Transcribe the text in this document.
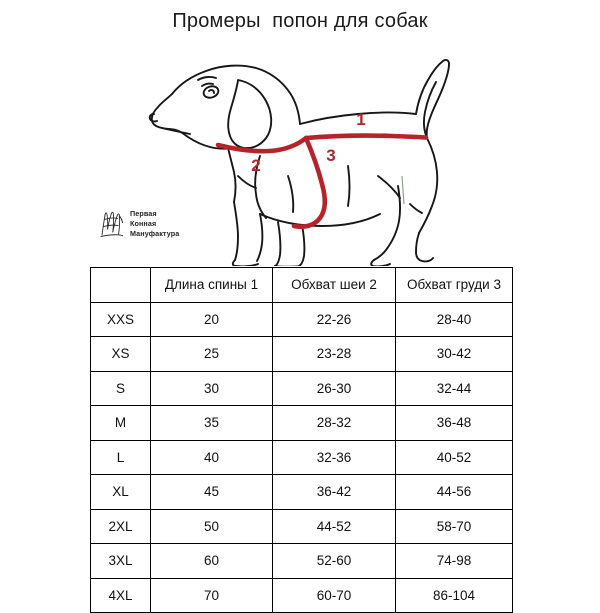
Промеры  попон для собак
1
2
3
Первая
Конная
Мануфактура
	Длина спины 1	Обхват шеи 2	Обхват груди 3
XXS	20	22-26	28-40
XS	25	23-28	30-42
S	30	26-30	32-44
M	35	28-32	36-48
L	40	32-36	40-52
XL	45	36-42	44-56
2XL	50	44-52	58-70
3XL	60	52-60	74-98
4XL	70	60-70	86-104
